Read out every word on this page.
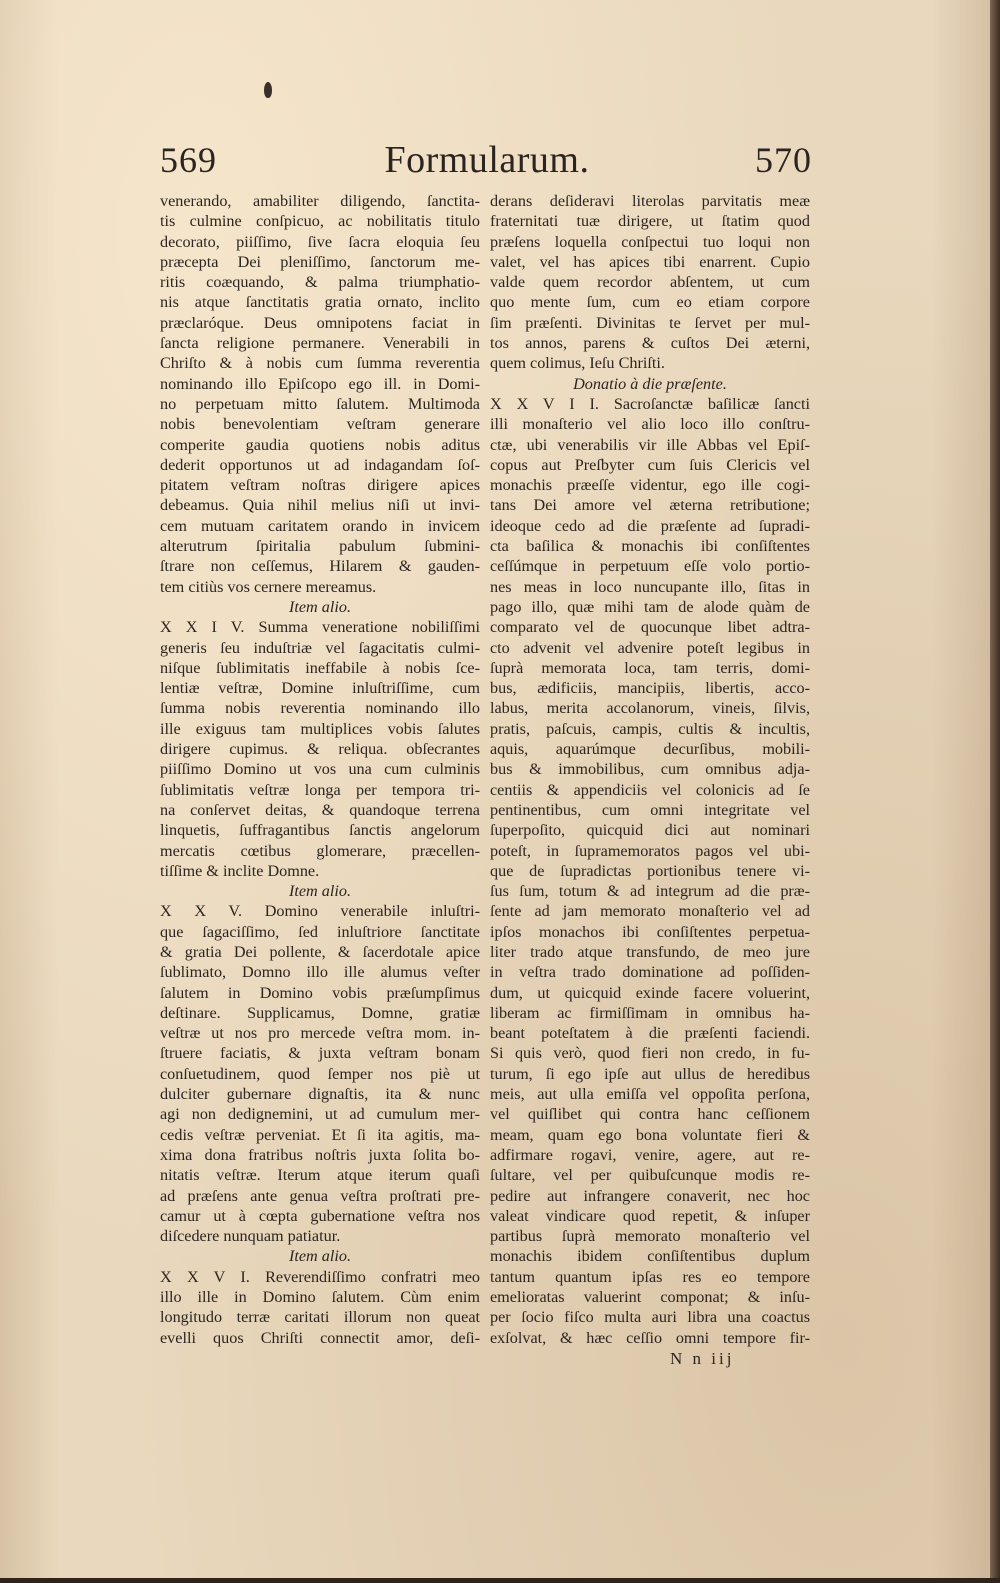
569	Formularum.	570
venerando, amabiliter diligendo, ſanctita-
tis culmine conſpicuo, ac nobilitatis titulo
decorato, piiſſimo, ſive ſacra eloquia ſeu
præcepta Dei pleniſſimo, ſanctorum me-
ritis coæquando, & palma triumphatio-
nis atque ſanctitatis gratia ornato, inclito
præclaróque. Deus omnipotens faciat in
ſancta religione permanere. Venerabili in
Chriſto & à nobis cum ſumma reverentia
nominando illo Epiſcopo ego ill. in Domi-
no perpetuam mitto ſalutem. Multimoda
nobis benevolentiam veſtram generare
comperite gaudia quotiens nobis aditus
dederit opportunos ut ad indagandam ſoſ-
pitatem veſtram noſtras dirigere apices
debeamus. Quia nihil melius niſi ut invi-
cem mutuam caritatem orando in invicem
alterutrum ſpiritalia pabulum ſubmini-
ſtrare non ceſſemus, Hilarem & gauden-
tem citiùs vos cernere mereamus.
Item alio.
X X I V. Summa veneratione nobiliſſimi
generis ſeu induſtriæ vel ſagacitatis culmi-
niſque ſublimitatis ineffabile à nobis ſce-
lentiæ veſtræ, Domine inluſtriſſime, cum
ſumma nobis reverentia nominando illo
ille exiguus tam multiplices vobis ſalutes
dirigere cupimus. & reliqua. obſecrantes
piiſſimo Domino ut vos una cum culminis
ſublimitatis veſtræ longa per tempora tri-
na conſervet deitas, & quandoque terrena
linquetis, ſuffragantibus ſanctis angelorum
mercatis cœtibus glomerare, præcellen-
tiſſime & inclite Domne.
Item alio.
X X V. Domino venerabile inluſtri-
que ſagaciſſimo, ſed inluſtriore ſanctitate
& gratia Dei pollente, & ſacerdotale apice
ſublimato, Domno illo ille alumus veſter
ſalutem in Domino vobis præſumpſimus
deſtinare. Supplicamus, Domne, gratiæ
veſtræ ut nos pro mercede veſtra mom. in-
ſtruere faciatis, & juxta veſtram bonam
conſuetudinem, quod ſemper nos piè ut
dulciter gubernare dignaſtis, ita & nunc
agi non dedignemini, ut ad cumulum mer-
cedis veſtræ perveniat. Et ſi ita agitis, ma-
xima dona fratribus noſtris juxta ſolita bo-
nitatis veſtræ. Iterum atque iterum quaſi
ad præſens ante genua veſtra proſtrati pre-
camur ut à cœpta gubernatione veſtra nos
diſcedere nunquam patiatur.
Item alio.
X X V I. Reverendiſſimo confratri meo
illo ille in Domino ſalutem. Cùm enim
longitudo terræ caritati illorum non queat
evelli quos Chriſti connectit amor, deſi-
derans deſideravi literolas parvitatis meæ
fraternitati tuæ dirigere, ut ſtatim quod
præſens loquella conſpectui tuo loqui non
valet, vel has apices tibi enarrent. Cupio
valde quem recordor abſentem, ut cum
quo mente ſum, cum eo etiam corpore
ſim præſenti. Divinitas te ſervet per mul-
tos annos, parens & cuſtos Dei æterni,
quem colimus, Ieſu Chriſti.
Donatio à die præſente.
X X V I I. Sacroſanctæ baſilicæ ſancti
illi monaſterio vel alio loco illo conſtru-
ctæ, ubi venerabilis vir ille Abbas vel Epiſ-
copus aut Preſbyter cum ſuis Clericis vel
monachis præeſſe videntur, ego ille cogi-
tans Dei amore vel æterna retributione;
ideoque cedo ad die præſente ad ſupradi-
cta baſilica & monachis ibi conſiſtentes
ceſſúmque in perpetuum eſſe volo portio-
nes meas in loco nuncupante illo, ſitas in
pago illo, quæ mihi tam de alode quàm de
comparato vel de quocunque libet adtra-
cto advenit vel advenire poteſt legibus in
ſuprà memorata loca, tam terris, domi-
bus, ædificiis, mancipiis, libertis, acco-
labus, merita accolanorum, vineis, ſilvis,
pratis, paſcuis, campis, cultis & incultis,
aquis, aquarúmque decurſibus, mobili-
bus & immobilibus, cum omnibus adja-
centiis & appendiciis vel colonicis ad ſe
pentinentibus, cum omni integritate vel
ſuperpoſito, quicquid dici aut nominari
poteſt, in ſupramemoratos pagos vel ubi-
que de ſupradictas portionibus tenere vi-
ſus ſum, totum & ad integrum ad die præ-
ſente ad jam memorato monaſterio vel ad
ipſos monachos ibi conſiſtentes perpetua-
liter trado atque transfundo, de meo jure
in veſtra trado dominatione ad poſſiden-
dum, ut quicquid exinde facere voluerint,
liberam ac firmiſſimam in omnibus ha-
beant poteſtatem à die præſenti faciendi.
Si quis verò, quod fieri non credo, in fu-
turum, ſi ego ipſe aut ullus de heredibus
meis, aut ulla emiſſa vel oppoſita perſona,
vel quiſlibet qui contra hanc ceſſionem
meam, quam ego bona voluntate fieri &
adfirmare rogavi, venire, agere, aut re-
ſultare, vel per quibuſcunque modis re-
pedire aut infrangere conaverit, nec hoc
valeat vindicare quod repetit, & inſuper
partibus ſuprà memorato monaſterio vel
monachis ibidem conſiſtentibus duplum
tantum quantum ipſas res eo tempore
emelioratas valuerint componat; & inſu-
per ſocio fiſco multa auri libra una coactus
exſolvat, & hæc ceſſio omni tempore fir-
N n iij
